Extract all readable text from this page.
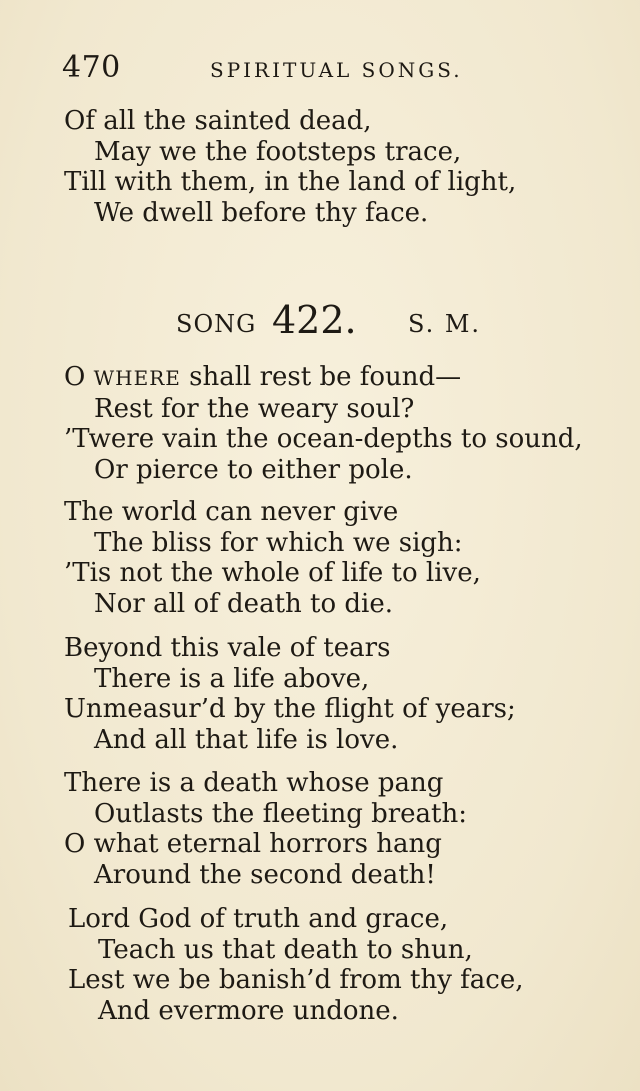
470	SPIRITUAL SONGS.
Of all the sainted dead,
May we the footsteps trace,
Till with them, in the land of light,
We dwell before thy face.
SONG 422. S. M.
O WHERE shall rest be found—
Rest for the weary soul?
’Twere vain the ocean-depths to sound,
Or pierce to either pole.
The world can never give
The bliss for which we sigh:
’Tis not the whole of life to live,
Nor all of death to die.
Beyond this vale of tears
There is a life above,
Unmeasur’d by the flight of years;
And all that life is love.
There is a death whose pang
Outlasts the fleeting breath:
O what eternal horrors hang
Around the second death!
Lord God of truth and grace,
Teach us that death to shun,
Lest we be banish’d from thy face,
And evermore undone.
